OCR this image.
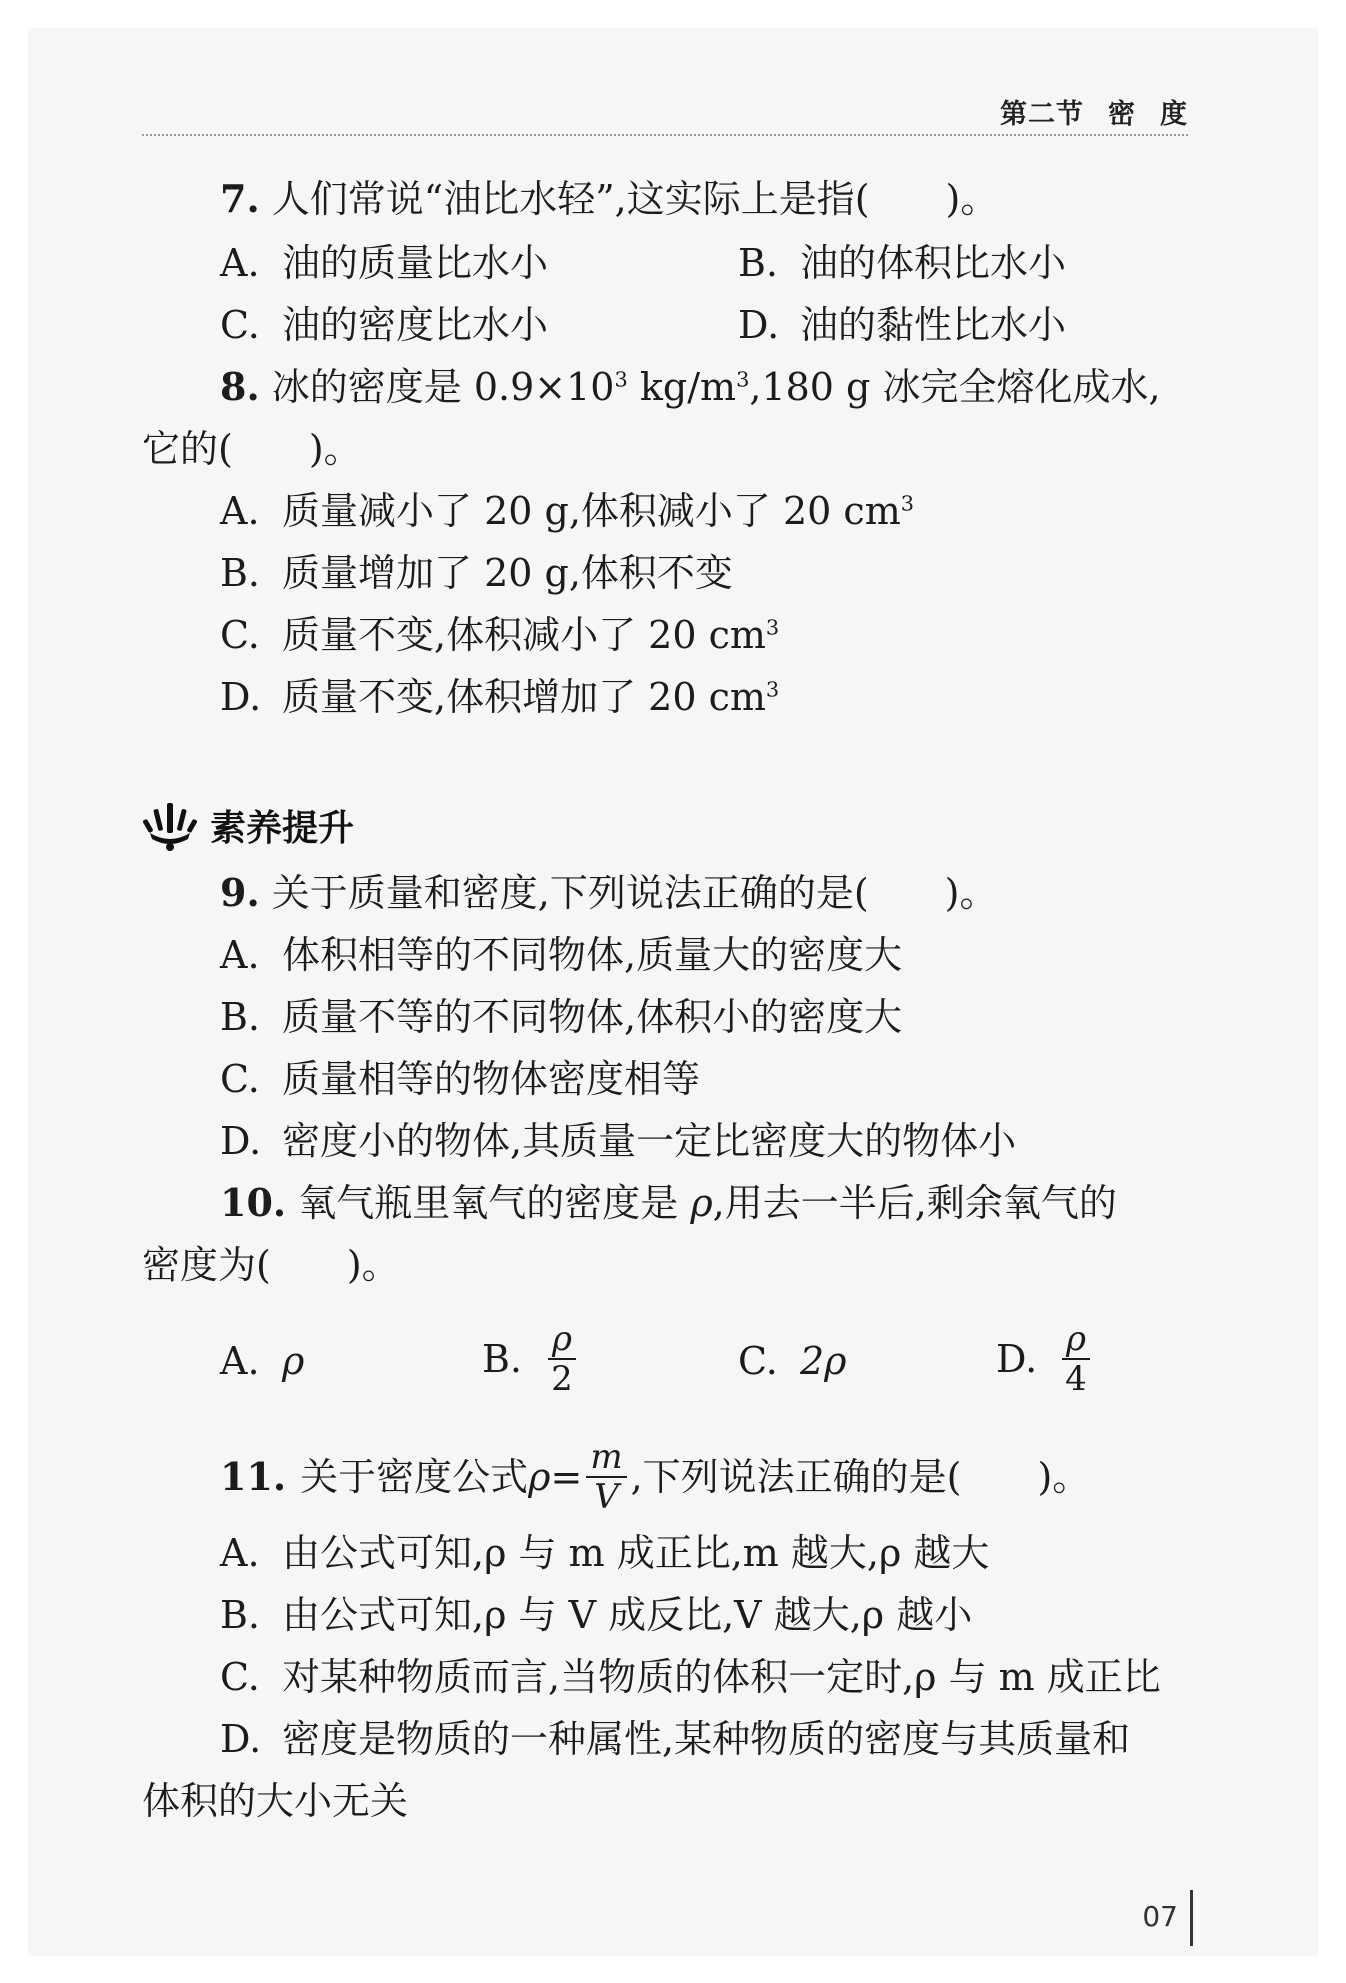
第二节 密 度
7. 人们常说“油比水轻”,这实际上是指(　　)。
A. 油的质量比水小	B. 油的体积比水小
C. 油的密度比水小	D. 油的黏性比水小
8. 冰的密度是 $0.9\times 10^3$ $kg/m^3,180$ g 冰完全熔化成水,
它的(　　)。
A. 质量减小了 20 g,体积减小了 20 $cm^3$
B. 质量增加了 20 g,体积不变
C. 质量不变,体积减小了 20 $cm^3$
D. 质量不变,体积增加了 20 $cm^3$
素养提升
9. 关于质量和密度,下列说法正确的是(　　)。
A. 体积相等的不同物体,质量大的密度大
B. 质量不等的不同物体,体积小的密度大
C. 质量相等的物体密度相等
D. 密度小的物体,其质量一定比密度大的物体小
10. 氧气瓶里氧气的密度是 ρ,用去一半后,剩余氧气的
密度为(　　)。
A. ρ	B. $\frac{\rho}{2}$	C. 2ρ	D. $\frac{\rho}{4}$
11. 关于密度公式 $\rho= \frac{m}{V}$ ,下列说法正确的是(　　)。
A. 由公式可知,ρ 与 m 成正比,m 越大,ρ 越大
B. 由公式可知,ρ 与 V 成反比,V 越大,ρ 越小
C. 对某种物质而言,当物质的体积一定时,ρ 与 m 成正比
D. 密度是物质的一种属性,某种物质的密度与其质量和
体积的大小无关
07
